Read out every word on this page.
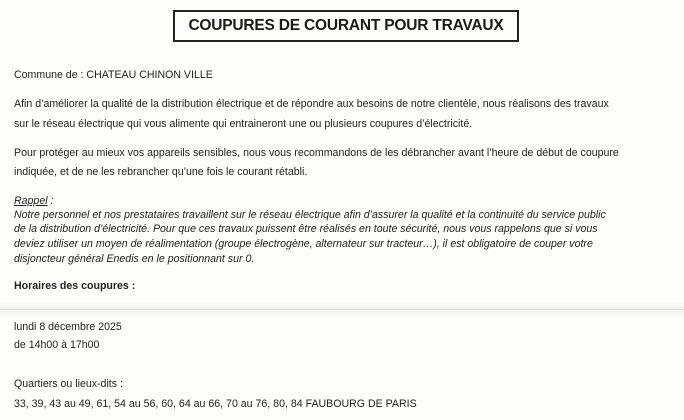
COUPURES DE COURANT POUR TRAVAUX
Commune de : CHATEAU CHINON VILLE
Afin d’améliorer la qualité de la distribution électrique et de répondre aux besoins de notre clientèle, nous réalisons des travaux
sur le réseau électrique qui vous alimente qui entraineront une ou plusieurs coupures d’électricité.
Pour protéger au mieux vos appareils sensibles, nous vous recommandons de les débrancher avant l’heure de début de coupure
indiquée, et de ne les rebrancher qu’une fois le courant rétabli.
Rappel :
Notre personnel et nos prestataires travaillent sur le réseau électrique afin d’assurer la qualité et la continuité du service public
de la distribution d’électricité. Pour que ces travaux puissent être réalisés en toute sécurité, nous vous rappelons que si vous
deviez utiliser un moyen de réalimentation (groupe électrogène, alternateur sur tracteur…), il est obligatoire de couper votre
disjoncteur général Enedis en le positionnant sur 0.
Horaires des coupures :
lundi 8 décembre 2025
de 14h00 à 17h00
Quartiers ou lieux-dits :
33, 39, 43 au 49, 61, 54 au 56, 60, 64 au 66, 70 au 76, 80, 84 FAUBOURG DE PARIS
